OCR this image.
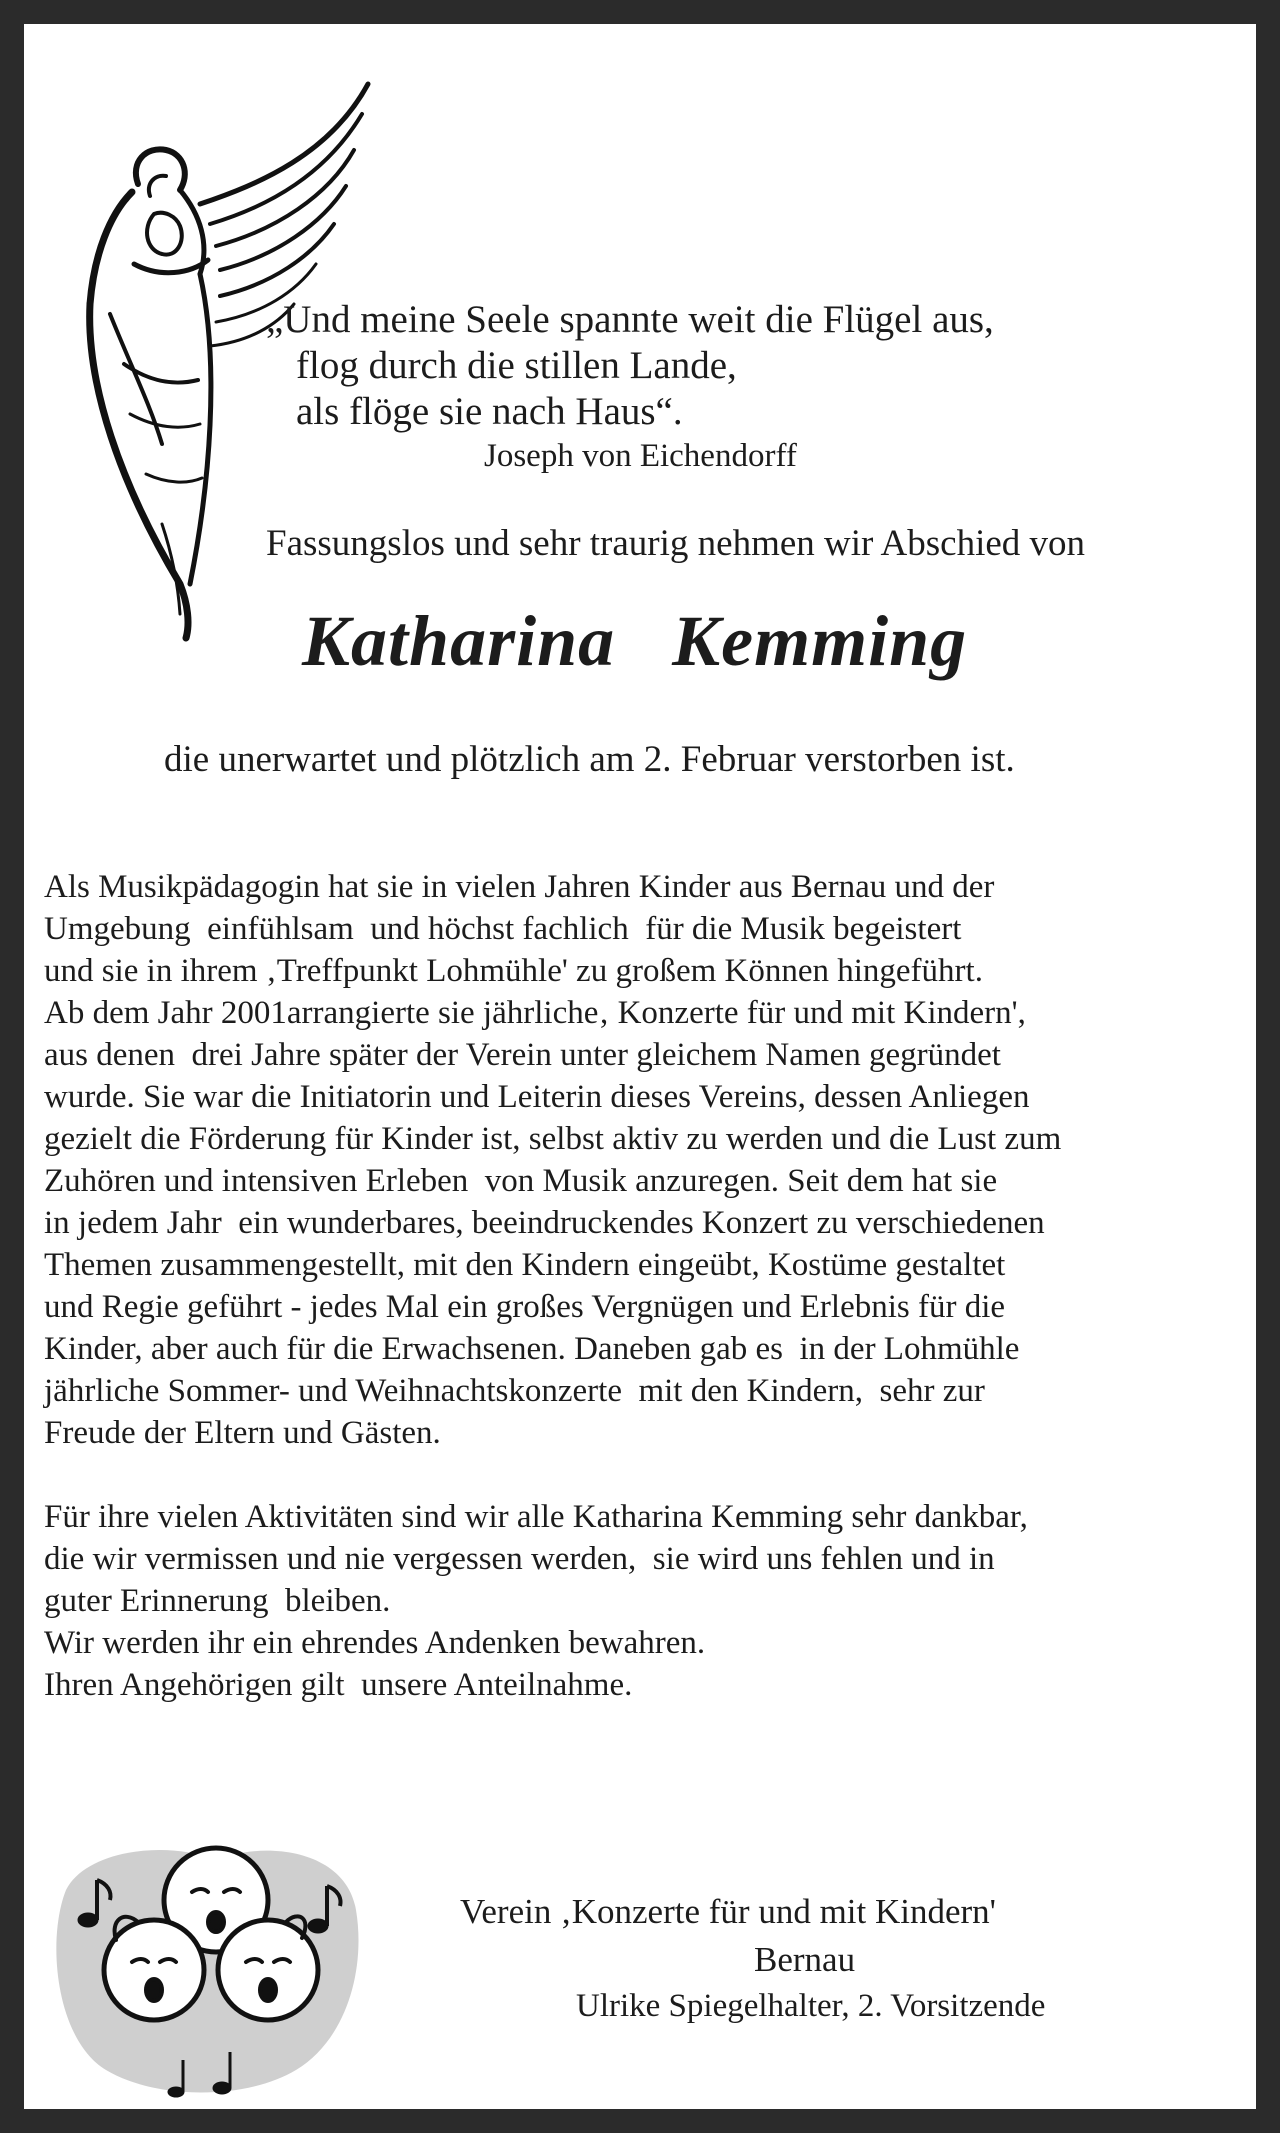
„Und meine Seele spannte weit die Flügel aus,
flog durch die stillen Lande,
als flöge sie nach Haus“.
Joseph von Eichendorff
Fassungslos und sehr traurig nehmen wir Abschied von
Katharina   Kemming
die unerwartet und plötzlich am 2. Februar verstorben ist.
Als Musikpädagogin hat sie in vielen Jahren Kinder aus Bernau und der
Umgebung  einfühlsam  und höchst fachlich  für die Musik begeistert
und sie in ihrem ‚Treffpunkt Lohmühle' zu großem Können hingeführt.
Ab dem Jahr 2001arrangierte sie jährliche‚ Konzerte für und mit Kindern',
aus denen  drei Jahre später der Verein unter gleichem Namen gegründet
wurde. Sie war die Initiatorin und Leiterin dieses Vereins, dessen Anliegen
gezielt die Förderung für Kinder ist, selbst aktiv zu werden und die Lust zum
Zuhören und intensiven Erleben  von Musik anzuregen. Seit dem hat sie
in jedem Jahr  ein wunderbares, beeindruckendes Konzert zu verschiedenen
Themen zusammengestellt, mit den Kindern eingeübt, Kostüme gestaltet
und Regie geführt - jedes Mal ein großes Vergnügen und Erlebnis für die
Kinder, aber auch für die Erwachsenen. Daneben gab es  in der Lohmühle
jährliche Sommer- und Weihnachtskonzerte  mit den Kindern,  sehr zur
Freude der Eltern und Gästen.
Für ihre vielen Aktivitäten sind wir alle Katharina Kemming sehr dankbar,
die wir vermissen und nie vergessen werden,  sie wird uns fehlen und in
guter Erinnerung  bleiben.
Wir werden ihr ein ehrendes Andenken bewahren.
Ihren Angehörigen gilt  unsere Anteilnahme.
Verein ‚Konzerte für und mit Kindern'
Bernau
Ulrike Spiegelhalter, 2. Vorsitzende
